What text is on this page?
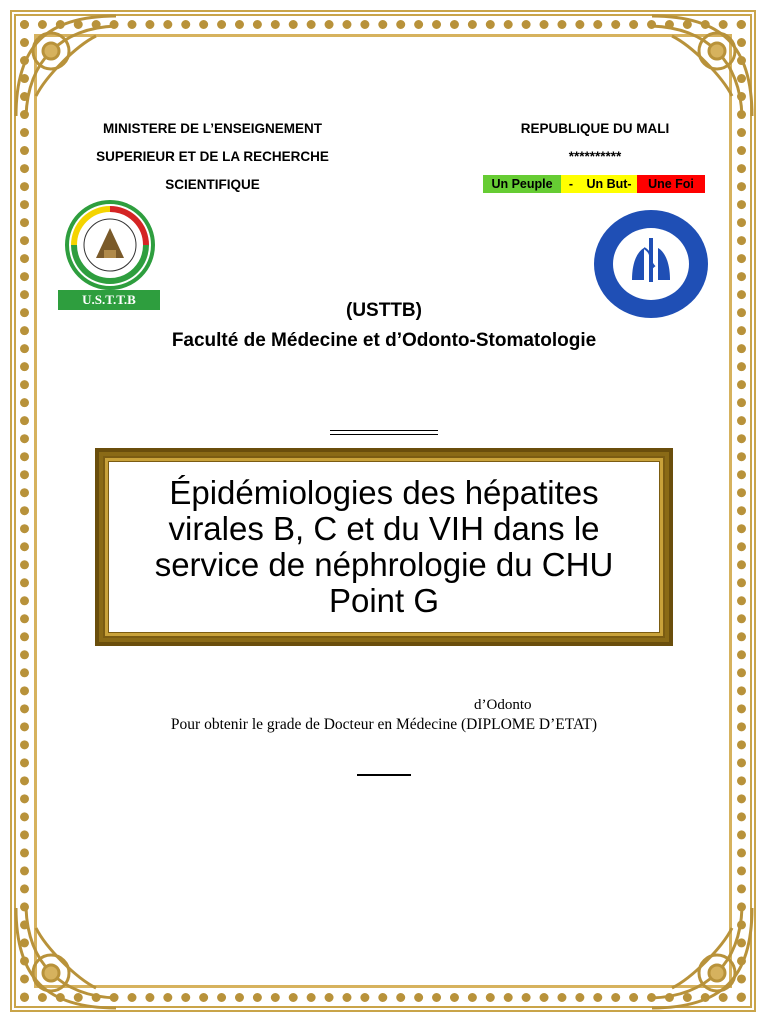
MINISTERE DE L’ENSEIGNEMENT
SUPERIEUR ET DE LA RECHERCHE
SCIENTIFIQUE
REPUBLIQUE DU MALI
**********
Un Peuple	-	Un But-	Une Foi
U.S.T.T.B
(USTTB)
Faculté de Médecine et d’Odonto-Stomatologie
Épidémiologies des hépatites virales B, C et du VIH dans le service de néphrologie du CHU Point G
d’Odonto
Pour obtenir le grade de Docteur en Médecine (DIPLOME D’ETAT)
